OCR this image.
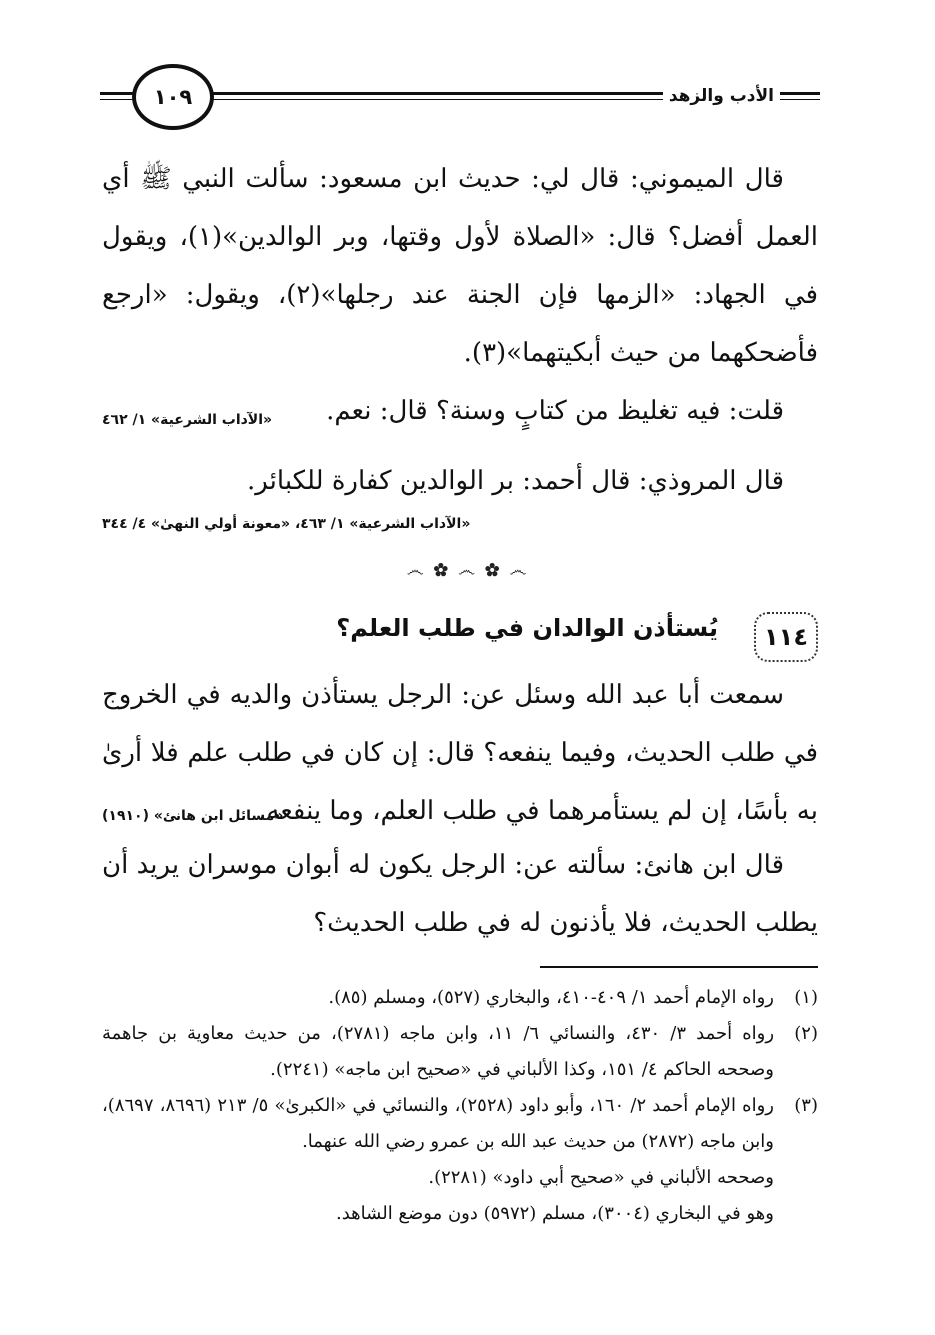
الأدب والزهد
١٠٩

قال الميموني: قال لي: حديث ابن مسعود: سألت النبي ﷺ أي العمل أفضل؟ قال: «الصلاة لأول وقتها، وبر الوالدين»(١)، ويقول في الجهاد: «الزمها فإن الجنة عند رجلها»(٢)، ويقول: «ارجع فأضحكهما من حيث أبكيتهما»(٣).

قلت: فيه تغليظ من كتابٍ وسنة؟ قال: نعم.

«الآداب الشرعية» ١/ ٤٦٢

قال المروذي: قال أحمد: بر الوالدين كفارة للكبائر.

«الآداب الشرعية» ١/ ٤٦٣، «معونة أولي النهىٰ» ٤/ ٣٤٤
෴ ✿ ෴ ✿ ෴
١١٤
يُستأذن الوالدان في طلب العلم؟

سمعت أبا عبد الله وسئل عن: الرجل يستأذن والديه في الخروج في طلب الحديث، وفيما ينفعه؟ قال: إن كان في طلب علم فلا أرىٰ به بأسًا، إن لم يستأمرهما في طلب العلم، وما ينفعه.

«مسائل ابن هانئ» (١٩١٠)

قال ابن هانئ: سألته عن: الرجل يكون له أبوان موسران يريد أن يطلب الحديث، فلا يأذنون له في طلب الحديث؟

(١)
رواه الإمام أحمد ١/ ٤٠٩-٤١٠، والبخاري (٥٢٧)، ومسلم (٨٥).

(٢)
رواه أحمد ٣/ ٤٣٠، والنسائي ٦/ ١١، وابن ماجه (٢٧٨١)، من حديث معاوية بن جاهمة وصححه الحاكم ٤/ ١٥١، وكذا الألباني في «صحيح ابن ماجه» (٢٢٤١).

(٣)
رواه الإمام أحمد ٢/ ١٦٠، وأبو داود (٢٥٢٨)، والنسائي في «الكبرىٰ» ٥/ ٢١٣ (٨٦٩٦، ٨٦٩٧)، وابن ماجه (٢٨٧٢) من حديث عبد الله بن عمرو رضي الله عنهما.

وصححه الألباني في «صحيح أبي داود» (٢٢٨١).

وهو في البخاري (٣٠٠٤)، مسلم (٥٩٧٢) دون موضع الشاهد.
